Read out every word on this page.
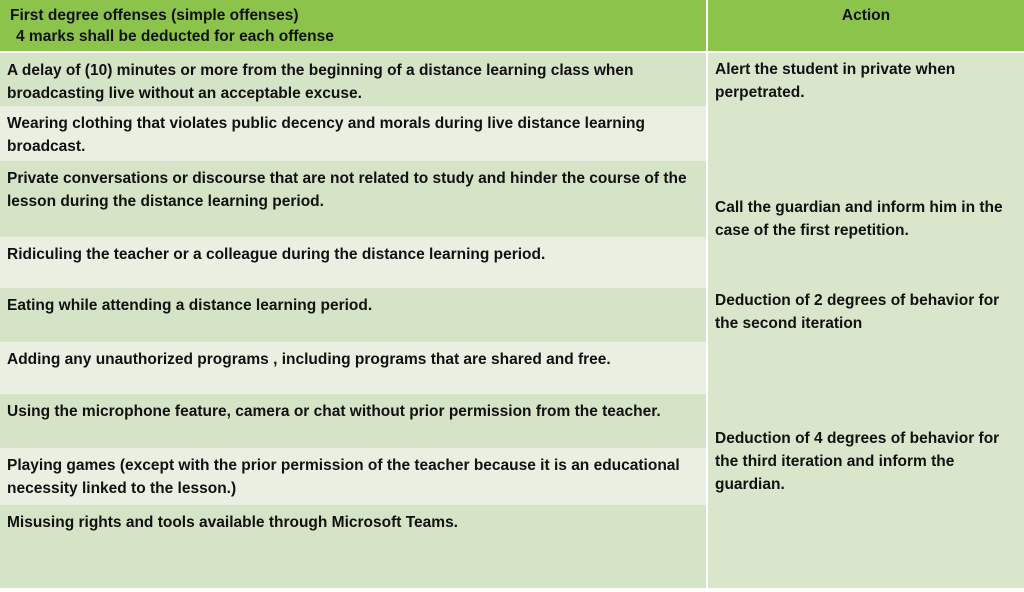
First degree offenses (simple offenses)
4 marks shall be deducted for each offense
Action
A delay of (10) minutes or more from the beginning of a distance learning class when broadcasting live without an acceptable excuse.
Wearing clothing that violates public decency and morals during live distance learning broadcast.
Private conversations or discourse that are not related to study and hinder the course of the lesson during the distance learning period.
Ridiculing the teacher or a colleague during the distance learning period.
Eating while attending a distance learning period.
Adding any unauthorized programs , including programs that are shared and free.
Using the microphone feature, camera or chat without prior permission from the teacher.
Playing games (except with the prior permission of the teacher because it is an educational necessity linked to the lesson.)
Misusing rights and tools available through Microsoft Teams.
Alert the student in private when perpetrated.
Call the guardian and inform him in the case of the first repetition.
Deduction of 2 degrees of behavior for the second iteration
Deduction of 4 degrees of behavior for the third iteration and inform the guardian.
